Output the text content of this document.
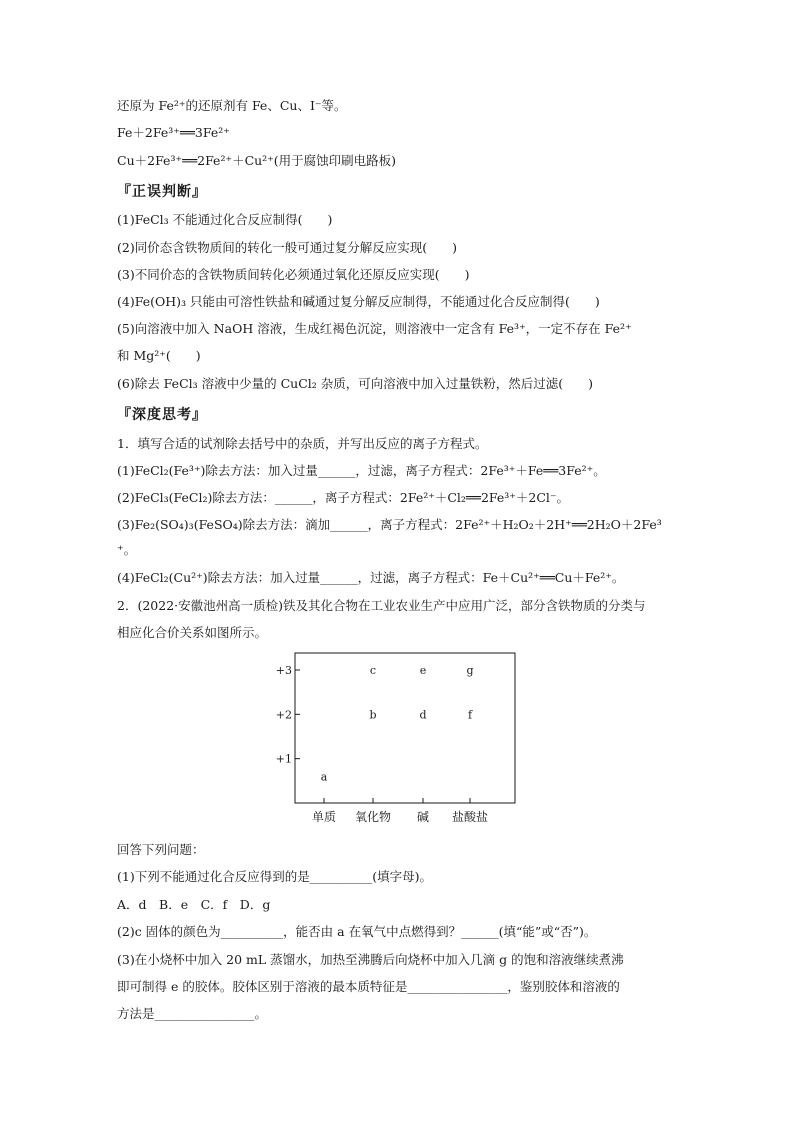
还原为 Fe²⁺的还原剂有 Fe、Cu、I⁻等。
Fe＋2Fe³⁺══3Fe²⁺
Cu＋2Fe³⁺══2Fe²⁺＋Cu²⁺(用于腐蚀印刷电路板)
『正误判断』
(1)FeCl₃ 不能通过化合反应制得(　　)
(2)同价态含铁物质间的转化一般可通过复分解反应实现(　　)
(3)不同价态的含铁物质间转化必须通过氧化还原反应实现(　　)
(4)Fe(OH)₃ 只能由可溶性铁盐和碱通过复分解反应制得，不能通过化合反应制得(　　)
(5)向溶液中加入 NaOH 溶液，生成红褐色沉淀，则溶液中一定含有 Fe³⁺，一定不存在 Fe²⁺
和 Mg²⁺(　　)
(6)除去 FeCl₃ 溶液中少量的 CuCl₂ 杂质，可向溶液中加入过量铁粉，然后过滤(　　)
『深度思考』
1．填写合适的试剂除去括号中的杂质，并写出反应的离子方程式。
(1)FeCl₂(Fe³⁺)除去方法：加入过量______，过滤，离子方程式：2Fe³⁺＋Fe══3Fe²⁺。
(2)FeCl₃(FeCl₂)除去方法：______，离子方程式：2Fe²⁺＋Cl₂══2Fe³⁺＋2Cl⁻。
(3)Fe₂(SO₄)₃(FeSO₄)除去方法：滴加______，离子方程式：2Fe²⁺＋H₂O₂＋2H⁺══2H₂O＋2Fe³
⁺。
(4)FeCl₂(Cu²⁺)除去方法：加入过量______，过滤，离子方程式：Fe＋Cu²⁺══Cu＋Fe²⁺。
2．(2022·安徽池州高一质检)铁及其化合物在工业农业生产中应用广泛，部分含铁物质的分类与
相应化合价关系如图所示。
+3
+2
+1
单质 氧化物 碱 盐酸盐
a
b
c
d
e
f
g
回答下列问题：
(1)下列不能通过化合反应得到的是__________(填字母)。
A．d　B．e　C．f　D．g
(2)c 固体的颜色为__________，能否由 a 在氧气中点燃得到？______(填“能”或“否”)。
(3)在小烧杯中加入 20 mL 蒸馏水，加热至沸腾后向烧杯中加入几滴 g 的饱和溶液继续煮沸
即可制得 e 的胶体。胶体区别于溶液的最本质特征是________________，鉴别胶体和溶液的
方法是________________。
